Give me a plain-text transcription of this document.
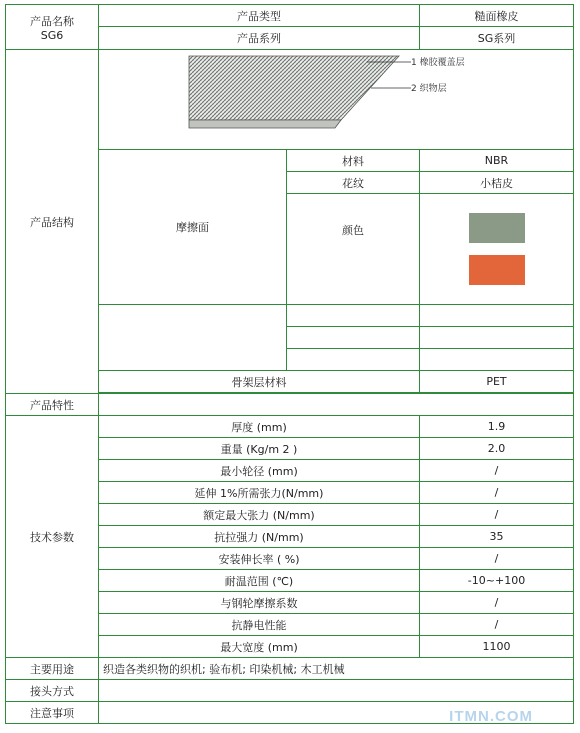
产品名称
SG6	产品类型		糙面橡皮
	产品系列		SG系列
产品结构	1 橡胶覆盖层
2 织物层		

	摩擦面	材料	NBR
		花纹	小桔皮
		颜色	

	骨架层材料		PET

产品特性			
技术参数	厚度 (mm)		1.9
	重量 (Kg/m 2 )		2.0
	最小轮径 (mm)		/
	延伸 1%所需张力(N/mm)		/
	额定最大张力 (N/mm)		/
	抗拉强力 (N/mm)		35
	安装伸长率 ( %)		/
	耐温范围 (℃)		-10~+100
	与钢轮摩擦系数		/
	抗静电性能		/
	最大宽度 (mm)		1100
主要用途	织造各类织物的织机; 验布机; 印染机械; 木工机械		
接头方式			
注意事项				ITMN.COM
